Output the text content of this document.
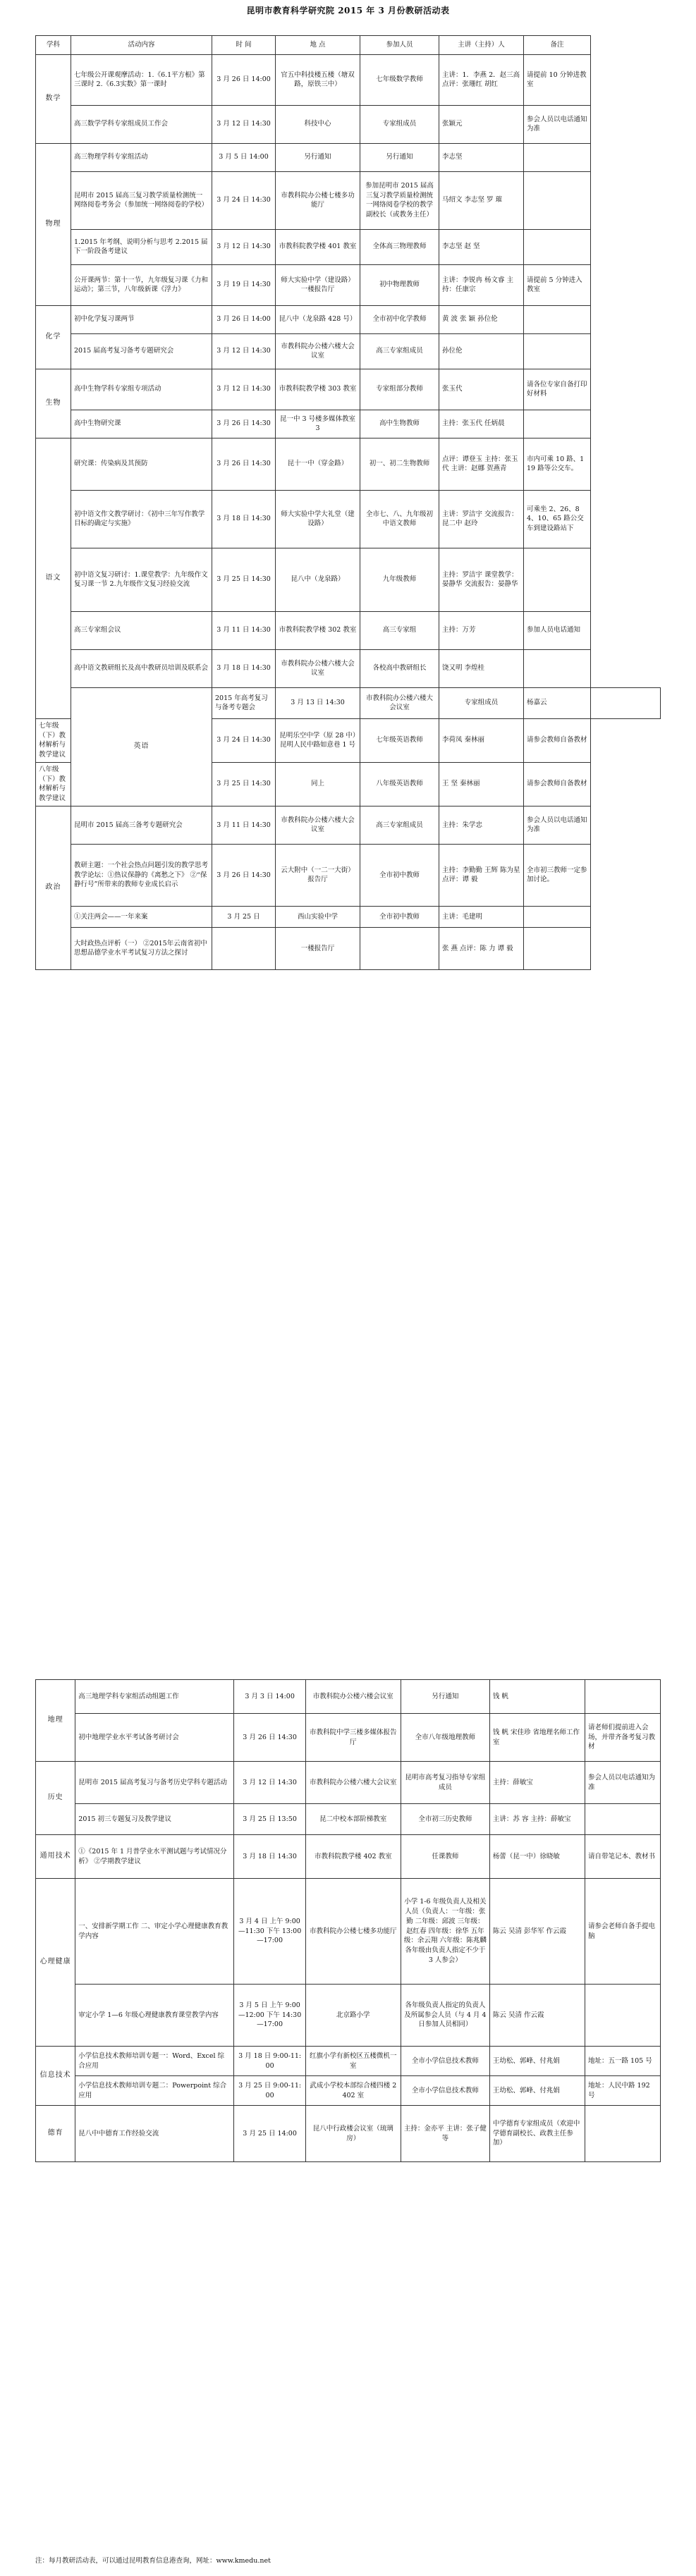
昆明市教育科学研究院 2015 年 3 月份教研活动表
学科	活动内容	时 间	地 点	参加人员	主讲（主持）人	备注	
数学	七年级公开课观摩活动：1.《6.1平方根》第三课时 2.《6.3实数》第一课时	3 月 26 日 14:00	官五中科技楼五楼（塘双路，原铁三中）	七年级数学教师	主讲：1．李燕 2．赵三高 点评：张珊红 胡红	请提前 10 分钟进教室	
	高三数学学科专家组成员工作会	3 月 12 日 14:30	科技中心	专家组成员	张颖元	参会人员以电话通知为准	
物理	高三物理学科专家组活动	3 月 5 日 14:00	另行通知	另行通知	李志坚		
	昆明市 2015 届高三复习教学质量检测统一网络阅卷考务会（参加统一网络阅卷的学校）	3 月 24 日 14:30	市教科院办公楼七楼多功能厅	参加昆明市 2015 届高三复习教学质量检测统一网络阅卷学校的教学副校长（或教务主任）	马绍文 李志坚 罗 璀		
	1.2015 年考纲、说明分析与思考 2.2015 届下一阶段备考建议	3 月 12 日 14:30	市教科院教学楼 401 教室	全体高三物理教师	李志坚 赵 坚		
	公开课两节：第十一节，九年级复习课《力和运动》；第三节，八年级新课《浮力》	3 月 19 日 14:30	师大实验中学（建设路）一楼报告厅	初中物理教师	主讲：李锐冉 杨文睿 主持：任康宗	请提前 5 分钟进入教室	
化学	初中化学复习课两节	3 月 26 日 14:00	昆八中（龙泉路 428 号）	全市初中化学教师	黄 波 张 颖 孙位伦		
	2015 届高考复习备考专题研究会	3 月 12 日 14:30	市教科院办公楼六楼大会议室	高三专家组成员	孙位伦		
生物	高中生物学科专家组专项活动	3 月 12 日 14:30	市教科院教学楼 303 教室	专家组部分教师	张玉代	请各位专家自备打印好材料	
	高中生物研究课	3 月 26 日 14:30	昆一中 3 号楼多媒体教室 3	高中生物教师	主持：张玉代 任炳晨		
语文	研究课：传染病及其预防	3 月 26 日 14:30	昆十一中（穿金路）	初一、初二生物教师	点评：谭登玉 主持：张玉代 主讲：赵娜 贺燕青	市内可乘 10 路、119 路等公交车。	
	初中语文作文教学研讨：《初中三年写作教学目标的确定与实施》	3 月 18 日 14:30	师大实验中学大礼堂（建设路）	全市七、八、九年级初中语文教师	主讲：罗洁宇 交流报告：昆二中 赵玲	可乘坐 2、26、84、10、65 路公交车到建设路站下	
	初中语文复习研讨：1.课堂教学：九年级作文复习课一节 2.九年级作文复习经验交流	3 月 25 日 14:30	昆八中（龙泉路）	九年级教师	主持：罗洁宇 课堂教学：晏静华 交流报告：晏静华		
	高三专家组会议	3 月 11 日 14:30	市教科院教学楼 302 教室	高三专家组	主持：万芳	参加人员电话通知	
	高中语文教研组长及高中教研员培训及联系会	3 月 18 日 14:30	市教科院办公楼六楼大会议室	各校高中教研组长	饶又明 李煌桂		
	英语	2015 年高考复习与备考专题会	3 月 13 日 14:30	市教科院办公楼六楼大会议室	专家组成员	杨嘉云	
七年级（下）教材解析与教学建议		3 月 24 日 14:30	昆明乐空中学（原 28 中）昆明人民中路如意巷 1 号	七年级英语教师	李荷凤 秦林丽	请参会教师自备教材	
八年级（下）教材解析与教学建议		3 月 25 日 14:30	同上	八年级英语教师	王 坚 秦林丽	请参会教师自备教材	
政治	昆明市 2015 届高三备考专题研究会	3 月 11 日 14:30	市教科院办公楼六楼大会议室	高三专家组成员	主持：朱学忠	参会人员以电话通知为准	
	教研主题：一个社会热点问题引发的教学思考 教学论坛：①热议保静的《离愁之下》 ②“保静行号”所带来的教师专业成长启示	3 月 26 日 14:30	云大附中（一二一大街）报告厅	全市初中教师	主持：李勤勤 王辉 陈为星 点评：谭 毅	全市初三教师一定参加讨论。	
	①关注两会——一年来案	3 月 25 日	西山实验中学	全市初中教师	主讲：毛建明		
	大时政热点评析（一） ②2015年云南省初中思想品德学业水平考试复习方法之探讨		一楼报告厅		张 燕 点评：陈 力 谭 毅		
地理	高三地理学科专家组活动组题工作	3 月 3 日 14:00	市教科院办公楼六楼会议室	另行通知	钱 帆	
	初中地理学业水平考试备考研讨会	3 月 26 日 14:30	市教科院中学三楼多媒体报告厅	全市八年级地理教师	钱 帆 宋佳珍 省地理名师工作室	请老师们提前进入会场，并带齐备考复习教材
历史	昆明市 2015 届高考复习与备考历史学科专题活动	3 月 12 日 14:30	市教科院办公楼六楼大会议室	昆明市高考复习指导专家组成员	主持：薛敏宝	参会人员以电话通知为准
	2015 初三专题复习及教学建议	3 月 25 日 13:50	昆二中校本部阶梯教室	全市初三历史教师	主讲：苏 容 主持：薛敏宝	
通用技术	①《2015 年 1 月普学业水平测试题与考试情况分析》 ②学期教学建议	3 月 18 日 14:30	市教科院教学楼 402 教室	任课教师	杨蕾（昆一中）徐晓敏	请自带笔记本、教材书
心理健康	一、安排新学期工作 二、审定小学心理健康教育教学内容	3 月 4 日 上午 9:00—11:30 下午 13:00—17:00	市教科院办公楼七楼多功能厅	小学 1-6 年级负责人及相关人员（负责人：一年级：张勤 二年级：邱波 三年级：赵红春 四年级：徐华 五年级：余云翔 六年级：陈兆麟各年级由负责人指定不少于 3 人参会）	陈云 吴清 彭华军 作云霞	请参会老师自备手提电脑
	审定小学 1—6 年级心理健康教育课堂教学内容	3 月 5 日 上午 9:00—12:00 下午 14:30—17:00	北京路小学	各年级负责人指定的负责人及所属参会人员（与 4 月 4 日参加人员相同）	陈云 吴清 作云霞	
信息技术	小学信息技术教师培训专题一：Word、Excel 综合应用	3 月 18 日 9:00-11:00	红旗小学有新校区五楼微机一室	全市小学信息技术教师	王幼松、郭峰、付兆娟	地址：五一路 105 号
	小学信息技术教师培训专题二：Powerpoint 综合应用	3 月 25 日 9:00-11:00	武成小学校本部综合楼四楼 2402 室	全市小学信息技术教师	王幼松、郭峰、付兆娟	地址：人民中路 192 号
德育	昆八中中德育工作经验交流	3 月 25 日 14:00	昆八中行政楼会议室（琉璃房）	主持：金亦平 主讲：张子健 等	中学德育专家组成员（欢迎中学德育副校长、政教主任参加）	
注：每月教研活动表，可以通过昆明教育信息港查询，网址：www.kmedu.net
